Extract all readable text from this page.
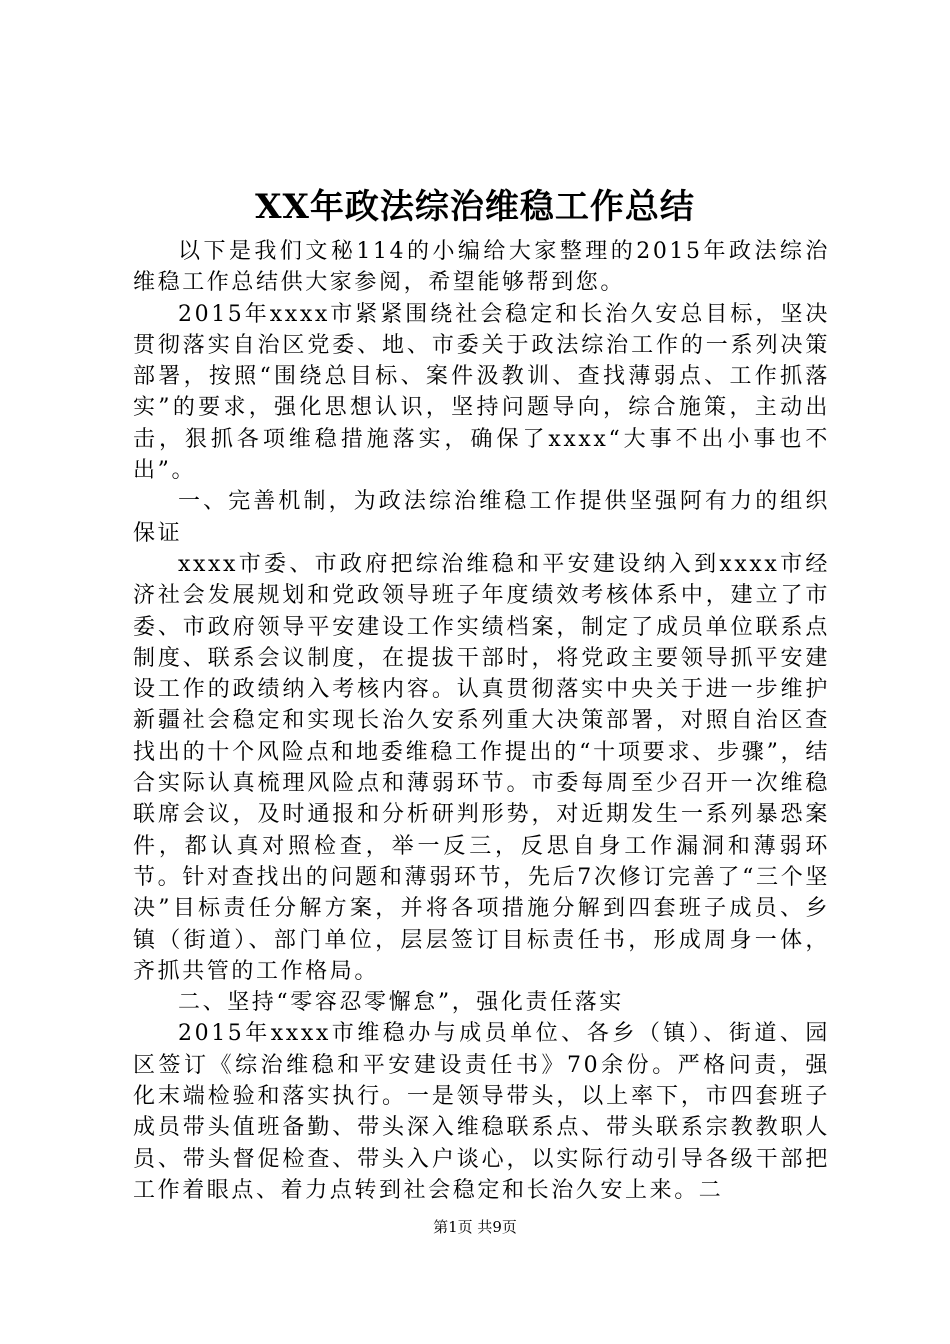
XX年政法综治维稳工作总结

以下是我们文秘114的小编给大家整理的2015年政法综治维稳工作总结供大家参阅，希望能够帮到您。

2015年xxxx市紧紧围绕社会稳定和长治久安总目标，坚决贯彻落实自治区党委、地、市委关于政法综治工作的一系列决策部署，按照“围绕总目标、案件汲教训、查找薄弱点、工作抓落实”的要求，强化思想认识，坚持问题导向，综合施策，主动出击，狠抓各项维稳措施落实，确保了xxxx“大事不出小事也不出”。

一、完善机制，为政法综治维稳工作提供坚强阿有力的组织保证

xxxx市委、市政府把综治维稳和平安建设纳入到xxxx市经济社会发展规划和党政领导班子年度绩效考核体系中，建立了市委、市政府领导平安建设工作实绩档案，制定了成员单位联系点制度、联系会议制度，在提拔干部时，将党政主要领导抓平安建设工作的政绩纳入考核内容。认真贯彻落实中央关于进一步维护新疆社会稳定和实现长治久安系列重大决策部署，对照自治区查找出的十个风险点和地委维稳工作提出的“十项要求、步骤”，结合实际认真梳理风险点和薄弱环节。市委每周至少召开一次维稳联席会议，及时通报和分析研判形势，对近期发生一系列暴恐案件，都认真对照检查，举一反三，反思自身工作漏洞和薄弱环节。针对查找出的问题和薄弱环节，先后7次修订完善了“三个坚决”目标责任分解方案，并将各项措施分解到四套班子成员、乡镇（街道）、部门单位，层层签订目标责任书，形成周身一体，齐抓共管的工作格局。

二、坚持“零容忍零懈怠”，强化责任落实

2015年xxxx市维稳办与成员单位、各乡（镇）、街道、园区签订《综治维稳和平安建设责任书》70余份。严格问责，强化末端检验和落实执行。一是领导带头，以上率下，市四套班子成员带头值班备勤、带头深入维稳联系点、带头联系宗教教职人员、带头督促检查、带头入户谈心，以实际行动引导各级干部把工作着眼点、着力点转到社会稳定和长治久安上来。二

第1页 共9页
